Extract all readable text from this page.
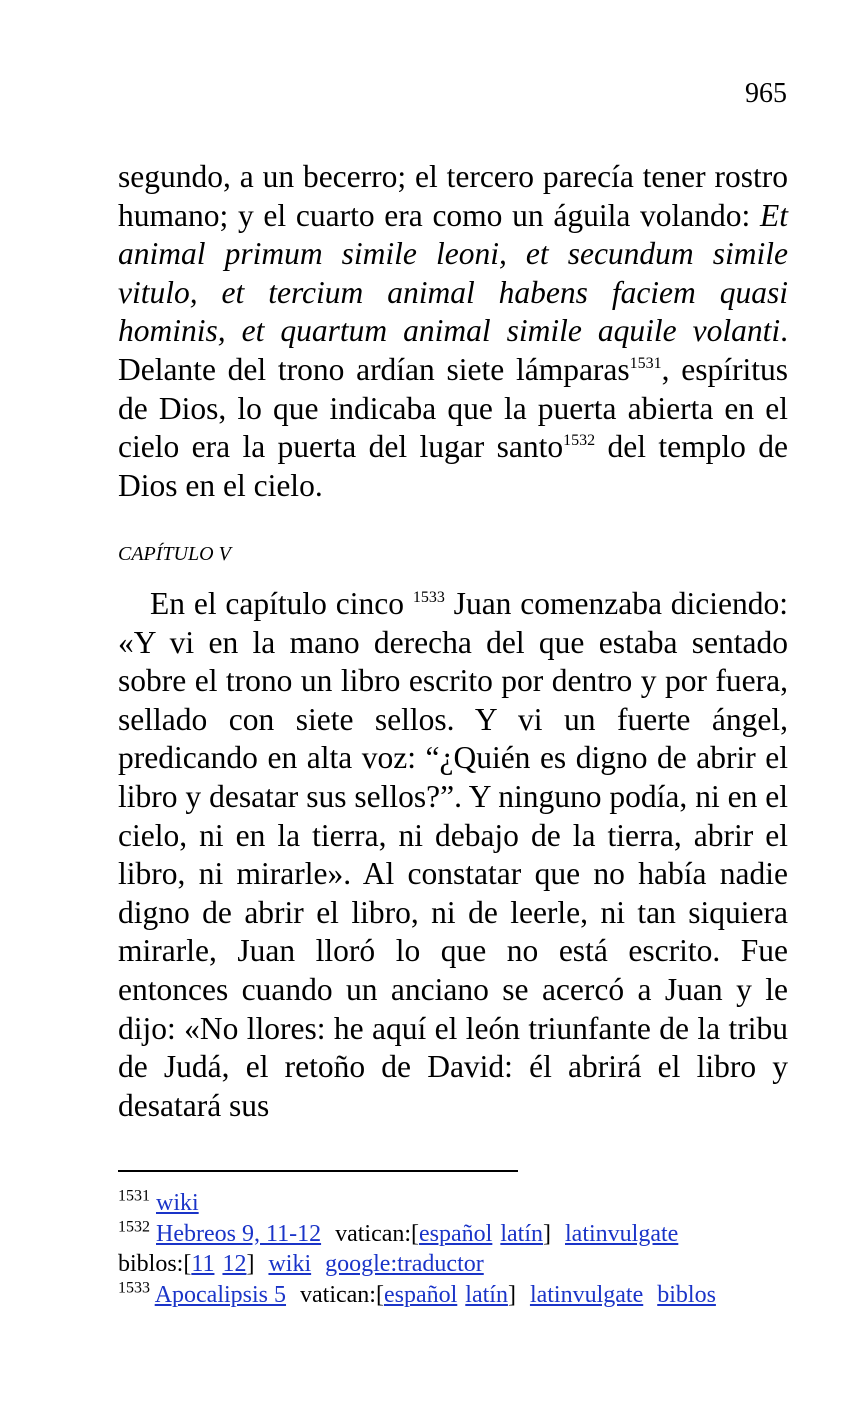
965
segundo, a un becerro; el tercero parecía tener rostro humano; y el cuarto era como un águila volando: Et animal primum simile leoni, et secundum simile vitulo, et tercium animal habens faciem quasi hominis, et quartum animal simile aquile volanti. Delante del trono ardían siete lámparas$^{1531}$, espíritus de Dios, lo que indicaba que la puerta abierta en el cielo era la puerta del lugar santo$^{1532}$ del templo de Dios en el cielo.
CAPÍTULO V
En el capítulo cinco $^{1533}$ Juan comenzaba diciendo: «Y vi en la mano derecha del que estaba sentado sobre el trono un libro escrito por dentro y por fuera, sellado con siete sellos. Y vi un fuerte ángel, predicando en alta voz: “¿Quién es digno de abrir el libro y desatar sus sellos?”. Y ninguno podía, ni en el cielo, ni en la tierra, ni debajo de la tierra, abrir el libro, ni mirarle». Al constatar que no había nadie digno de abrir el libro, ni de leerle, ni tan siquiera mirarle, Juan lloró lo que no está escrito. Fue entonces cuando un anciano se acercó a Juan y le dijo: «No llores: he aquí el león triunfante de la tribu de Judá, el retoño de David: él abrirá el libro y desatará sus
$^{1531}$ wiki
$^{1532}$ Hebreos 9, 11-12 vatican:[español latín] latinvulgate
biblos:[11 12] wiki google:traductor
$^{1533}$ Apocalipsis 5 vatican:[español latín] latinvulgate biblos
